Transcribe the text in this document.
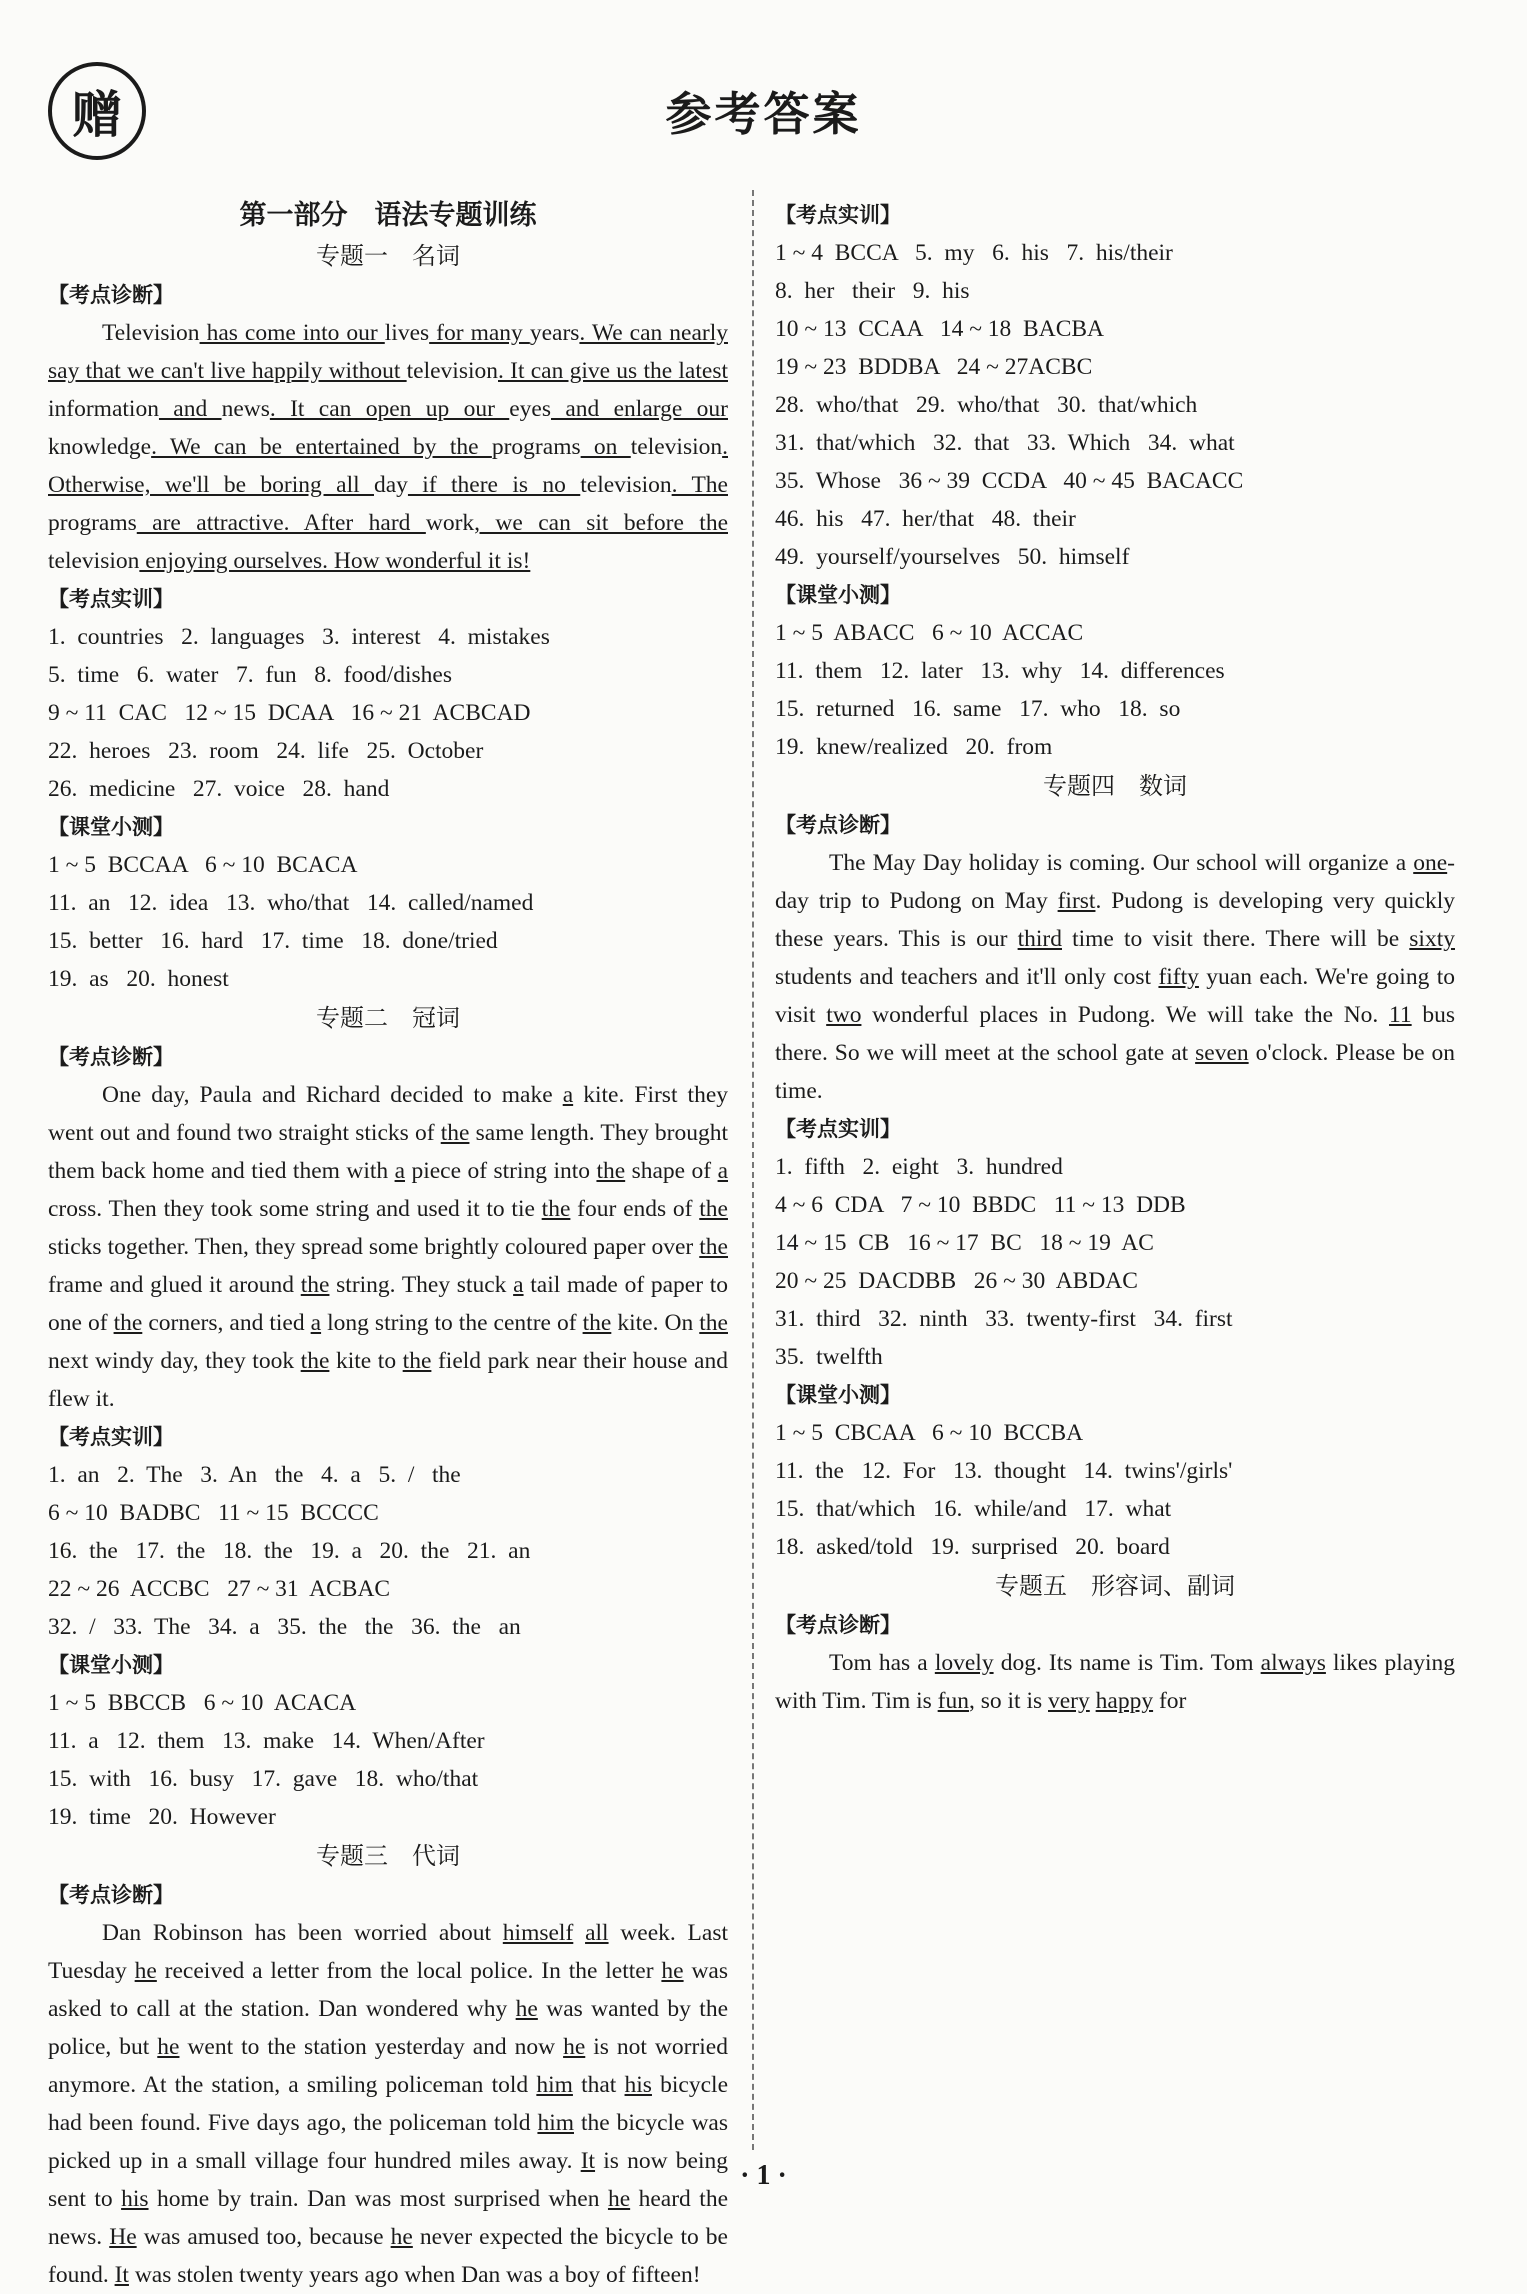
赠	参考答案
第一部分　语法专题训练
专题一　名词
【考点诊断】

Television has come into our lives for many years. We can nearly say that we can't live happily without television. It can give us the latest information and news. It can open up our eyes and enlarge our knowledge. We can be entertained by the programs on television. Otherwise, we'll be boring all day if there is no television. The programs are attractive. After hard work, we can sit before the television enjoying ourselves. How wonderful it is!

【考点实训】
1.  countries   2.  languages   3.  interest   4.  mistakes
5.  time   6.  water   7.  fun   8.  food/dishes
9 ~ 11  CAC   12 ~ 15  DCAA   16 ~ 21  ACBCAD
22.  heroes   23.  room   24.  life   25.  October
26.  medicine   27.  voice   28.  hand
【课堂小测】
1 ~ 5  BCCAA   6 ~ 10  BCACA
11.  an   12.  idea   13.  who/that   14.  called/named
15.  better   16.  hard   17.  time   18.  done/tried
19.  as   20.  honest
专题二　冠词
【考点诊断】

One day, Paula and Richard decided to make a kite. First they went out and found two straight sticks of the same length. They brought them back home and tied them with a piece of string into the shape of a cross. Then they took some string and used it to tie the four ends of the sticks together. Then, they spread some brightly coloured paper over the frame and glued it around the string. They stuck a tail made of paper to one of the corners, and tied a long string to the centre of the kite. On the next windy day, they took the kite to the field park near their house and flew it.

【考点实训】
1.  an   2.  The   3.  An   the   4.  a   5.  /   the
6 ~ 10  BADBC   11 ~ 15  BCCCC
16.  the   17.  the   18.  the   19.  a   20.  the   21.  an
22 ~ 26  ACCBC   27 ~ 31  ACBAC
32.  /   33.  The   34.  a   35.  the   the   36.  the   an
【课堂小测】
1 ~ 5  BBCCB   6 ~ 10  ACACA
11.  a   12.  them   13.  make   14.  When/After
15.  with   16.  busy   17.  gave   18.  who/that
19.  time   20.  However
专题三　代词
【考点诊断】

Dan Robinson has been worried about himself all week. Last Tuesday he received a letter from the local police. In the letter he was asked to call at the station. Dan wondered why he was wanted by the police, but he went to the station yesterday and now he is not worried anymore. At the station, a smiling policeman told him that his bicycle had been found. Five days ago, the policeman told him the bicycle was picked up in a small village four hundred miles away. It is now being sent to his home by train. Dan was most surprised when he heard the news. He was amused too, because he never expected the bicycle to be found. It was stolen twenty years ago when Dan was a boy of fifteen!

【考点实训】
1 ~ 4  BCCA   5.  my   6.  his   7.  his/their
8.  her   their   9.  his
10 ~ 13  CCAA   14 ~ 18  BACBA
19 ~ 23  BDDBA   24 ~ 27ACBC
28.  who/that   29.  who/that   30.  that/which
31.  that/which   32.  that   33.  Which   34.  what
35.  Whose   36 ~ 39  CCDA   40 ~ 45  BACACC
46.  his   47.  her/that   48.  their
49.  yourself/yourselves   50.  himself
【课堂小测】
1 ~ 5  ABACC   6 ~ 10  ACCAC
11.  them   12.  later   13.  why   14.  differences
15.  returned   16.  same   17.  who   18.  so
19.  knew/realized   20.  from
专题四　数词
【考点诊断】

The May Day holiday is coming. Our school will organize a one-day trip to Pudong on May first. Pudong is developing very quickly these years. This is our third time to visit there. There will be sixty students and teachers and it'll only cost fifty yuan each. We're going to visit two wonderful places in Pudong. We will take the No. 11 bus there. So we will meet at the school gate at seven o'clock. Please be on time.

【考点实训】
1.  fifth   2.  eight   3.  hundred
4 ~ 6  CDA   7 ~ 10  BBDC   11 ~ 13  DDB
14 ~ 15  CB   16 ~ 17  BC   18 ~ 19  AC
20 ~ 25  DACDBB   26 ~ 30  ABDAC
31.  third   32.  ninth   33.  twenty-first   34.  first
35.  twelfth
【课堂小测】
1 ~ 5  CBCAA   6 ~ 10  BCCBA
11.  the   12.  For   13.  thought   14.  twins'/girls'
15.  that/which   16.  while/and   17.  what
18.  asked/told   19.  surprised   20.  board
专题五　形容词、副词
【考点诊断】

Tom has a lovely dog. Its name is Tim. Tom always likes playing with Tim. Tim is fun, so it is very happy for

· 1 ·
